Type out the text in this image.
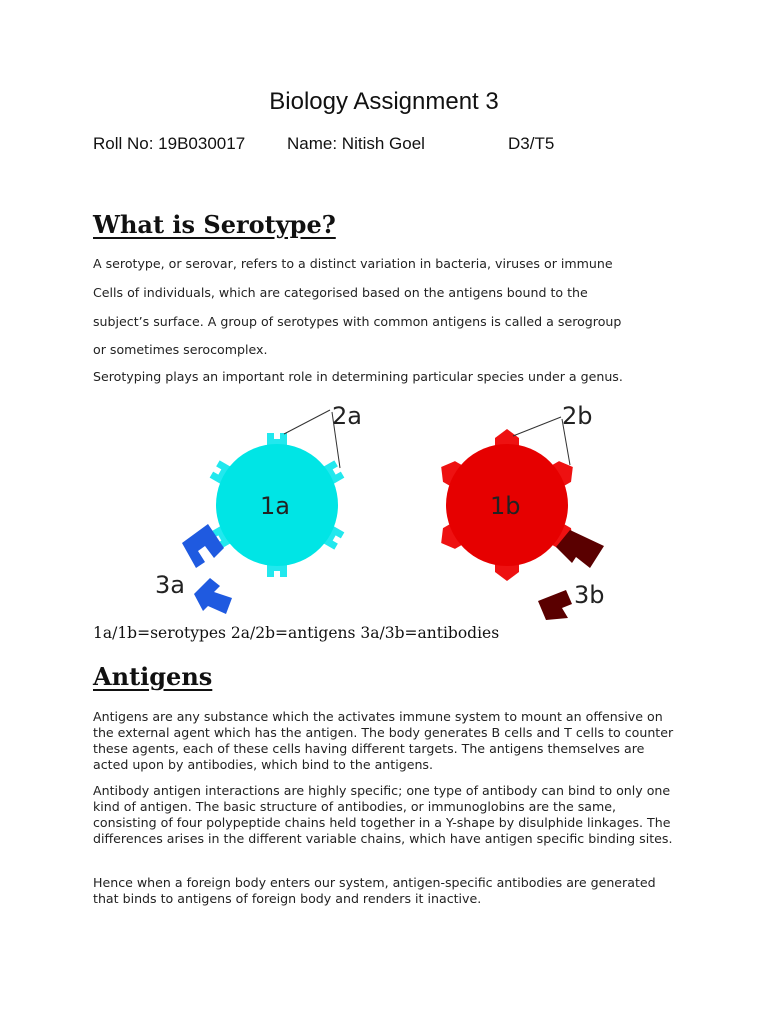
Biology Assignment 3
Roll No: 19B030017 Name: Nitish Goel	D3/T5
What is Serotype?
A serotype, or serovar, refers to a distinct variation in bacteria, viruses or immune
Cells of individuals, which are categorised based on the antigens bound to the
subject’s surface. A group of serotypes with common antigens is called a serogroup
or sometimes serocomplex.
Serotyping plays an important role in determining particular species under a genus.
1a
2a
3a
1b
2b
3b
1a/1b=serotypes 2a/2b=antigens 3a/3b=antibodies
Antigens

Antigens are any substance which the activates immune system to mount an offensive on the external agent which has the antigen. The body generates B cells and T cells to counter these agents, each of these cells having different targets. The antigens themselves are acted upon by antibodies, which bind to the antigens.

Antibody antigen interactions are highly specific; one type of antibody can bind to only one kind of antigen. The basic structure of antibodies, or immunoglobins are the same, consisting of four polypeptide chains held together in a Y-shape by disulphide linkages. The differences arises in the different variable chains, which have antigen specific binding sites.

Hence when a foreign body enters our system, antigen-specific antibodies are generated that binds to antigens of foreign body and renders it inactive.
